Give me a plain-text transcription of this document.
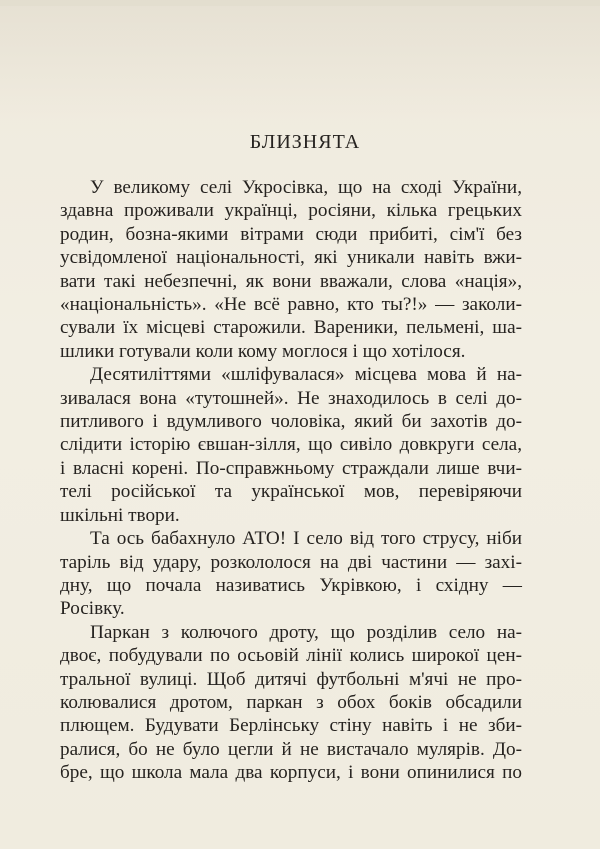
БЛИЗНЯТА

У великому селі Укросівка, що на сході України,
здавна проживали українці, росіяни, кілька грецьких
родин, бозна-якими вітрами сюди прибиті, сім'ї без
усвідомленої національності, які уникали навіть вжи-
вати такі небезпечні, як вони вважали, слова «нація»,
«національність». «Не всё равно, кто ты?!» — заколи-
сували їх місцеві старожили. Вареники, пельмені, ша-
шлики готували коли кому моглося і що хотілося.

Десятиліттями «шліфувалася» місцева мова й на-
зивалася вона «тутошней». Не знаходилось в селі до-
питливого і вдумливого чоловіка, який би захотів до-
слідити історію євшан-зілля, що сивіло довкруги села,
і власні корені. По-справжньому страждали лише вчи-
телі російської та української мов, перевіряючи
шкільні твори.

Та ось бабахнуло АТО! І село від того струсу, ніби
таріль від удару, розкололося на дві частини — захі-
дну, що почала називатись Укрівкою, і східну —
Росівку.

Паркан з колючого дроту, що розділив село на-
двоє, побудували по осьовій лінії колись широкої цен-
тральної вулиці. Щоб дитячі футбольні м'ячі не про-
колювалися дротом, паркан з обох боків обсадили
плющем. Будувати Берлінську стіну навіть і не зби-
ралися, бо не було цегли й не вистачало мулярів. До-
бре, що школа мала два корпуси, і вони опинилися по
